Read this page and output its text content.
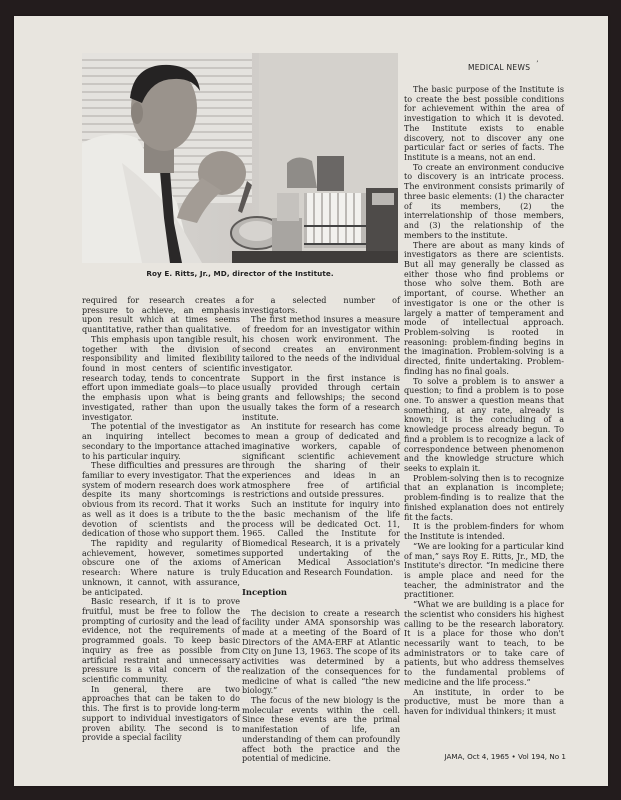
Roy E. Ritts, Jr., MD, director of the Institute.
MEDICAL NEWS ʼ

required for research creates a pressure to achieve, an emphasis upon result which at times seems quantitative, rather than qualitative.

This emphasis upon tangible result, together with the division of responsibility and limited flexibility found in most centers of scientific research today, tends to concentrate effort upon immediate goals—to place the emphasis upon what is being investigated, rather than upon the investigator.

The potential of the investigator as an inquiring intellect becomes secondary to the importance attached to his particular inquiry.

These difficulties and pressures are familiar to every investigator. That the system of modern research does work despite its many shortcomings is obvious from its record. That it works as well as it does is a tribute to the devotion of scientists and the dedication of those who support them.

The rapidity and regularity of achievement, however, sometimes obscure one of the axioms of research: Where nature is truly unknown, it cannot, with assurance, be anticipated.

Basic research, if it is to prove fruitful, must be free to follow the prompting of curiosity and the lead of evidence, not the requirements of programmed goals. To keep basic inquiry as free as possible from artificial restraint and unnecessary pressure is a vital concern of the scientific community.

In general, there are two approaches that can be taken to do this. The first is to provide long-term support to individual investigators of proven ability. The second is to provide a special facility

for a selected number of investigators.

The first method insures a measure of freedom for an investigator within his chosen work environment. The second creates an environment tailored to the needs of the individual investigator.

Support in the first instance is usually provided through certain grants and fellowships; the second usually takes the form of a research institute.

An institute for research has come to mean a group of dedicated and imaginative workers, capable of significant scientific achievement through the sharing of their experiences and ideas in an atmosphere free of artificial restrictions and outside pressures.

Such an institute for inquiry into the basic mechanism of the life process will be dedicated Oct. 11, 1965. Called the Institute for Biomedical Research, it is a privately supported undertaking of the American Medical Association's Education and Research Foundation.

Inception

The decision to create a research facility under AMA sponsorship was made at a meeting of the Board of Directors of the AMA-ERF at Atlantic City on June 13, 1963. The scope of its activities was determined by a realization of the consequences for medicine of what is called “the new biology.”

The focus of the new biology is the molecular events within the cell. Since these events are the primal manifestation of life, an understanding of them can profoundly affect both the practice and the potential of medicine.

The basic purpose of the Institute is to create the best possible conditions for achievement within the area of investigation to which it is devoted. The Institute exists to enable discovery, not to discover any one particular fact or series of facts. The Institute is a means, not an end.

To create an environment conducive to discovery is an intricate process. The environment consists primarily of three basic elements: (1) the character of its members, (2) the interrelationship of those members, and (3) the relationship of the members to the institute.

There are about as many kinds of investigators as there are scientists. But all may generally be classed as either those who find problems or those who solve them. Both are important, of course. Whether an investigator is one or the other is largely a matter of temperament and mode of intellectual approach. Problem-solving is rooted in reasoning: problem-finding begins in the imagination. Problem-solving is a directed, finite undertaking. Problem-finding has no final goals.

To solve a problem is to answer a question; to find a problem is to pose one. To answer a question means that something, at any rate, already is known; it is the concluding of a knowledge process already begun. To find a problem is to recognize a lack of correspondence between phenomenon and the knowledge structure which seeks to explain it.

Problem-solving then is to recognize that an explanation is incomplete; problem-finding is to realize that the finished explanation does not entirely fit the facts.

It is the problem-finders for whom the Institute is intended.

“We are looking for a particular kind of man,” says Roy E. Ritts, Jr., MD, the Institute's director. “In medicine there is ample place and need for the teacher, the administrator and the practitioner.

“What we are building is a place for the scientist who considers his highest calling to be the research laboratory. It is a place for those who don't necessarily want to teach, to be administrators or to take care of patients, but who address themselves to the fundamental problems of medicine and the life process.”

An institute, in order to be productive, must be more than a haven for individual thinkers; it must

JAMA, Oct 4, 1965 • Vol 194, No 1
